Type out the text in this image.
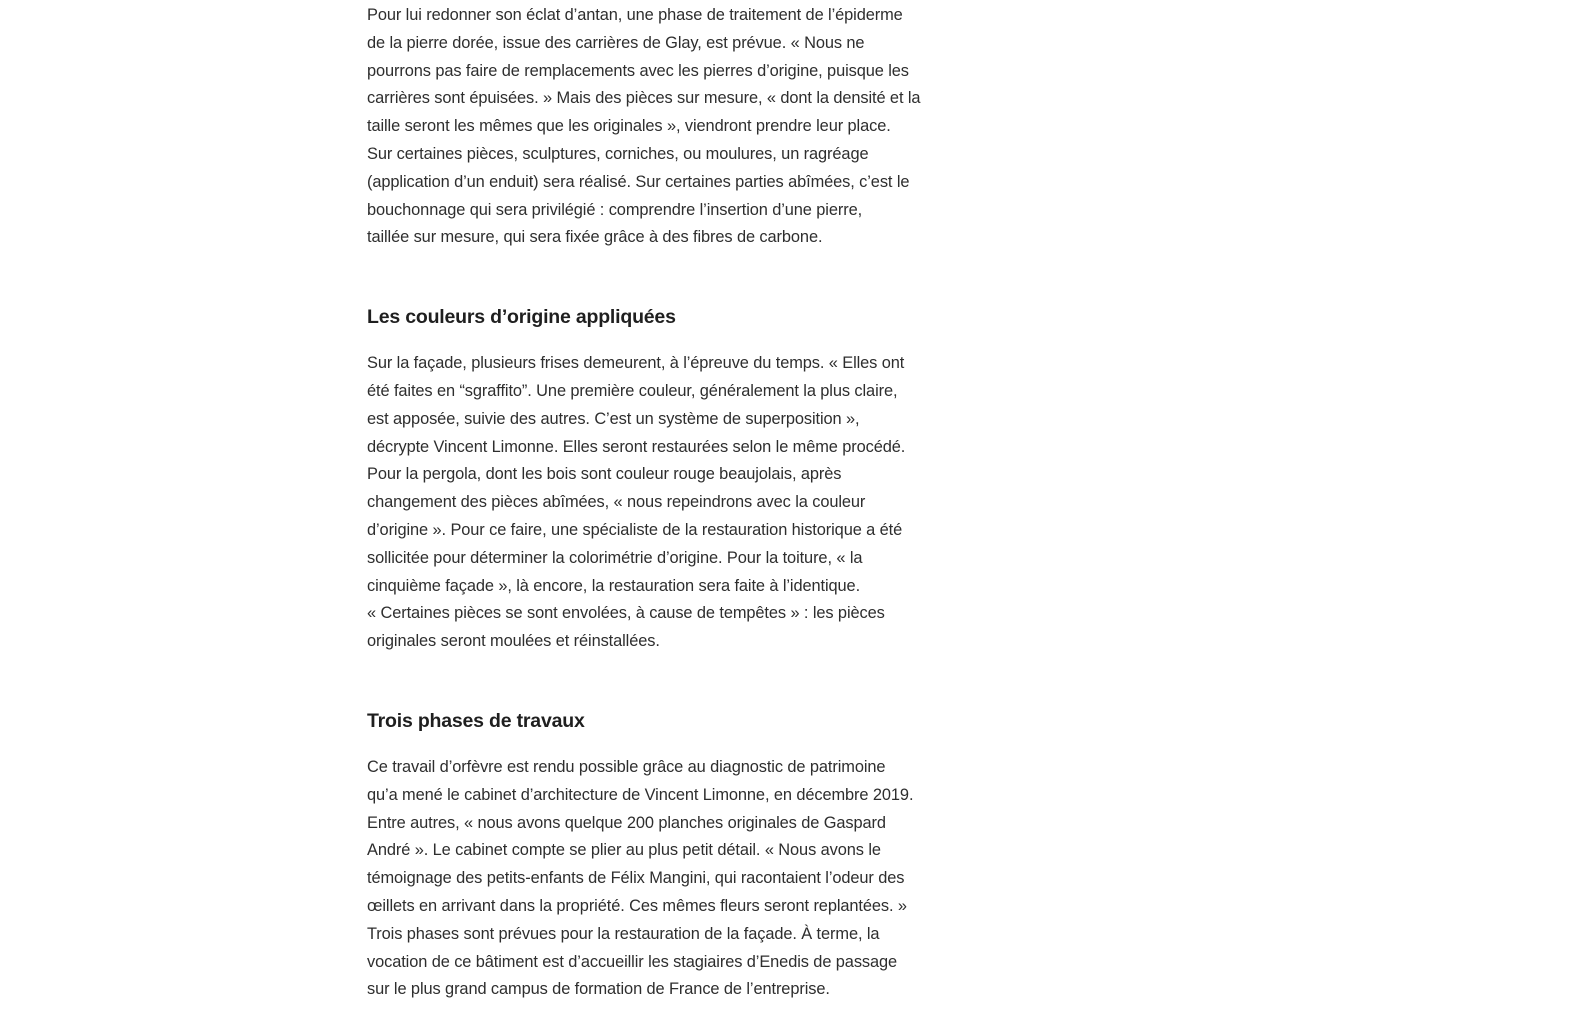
Pour lui redonner son éclat d’antan, une phase de traitement de l’épiderme
de la pierre dorée, issue des carrières de Glay, est prévue. « Nous ne
pourrons pas faire de remplacements avec les pierres d’origine, puisque les
carrières sont épuisées. » Mais des pièces sur mesure, « dont la densité et la
taille seront les mêmes que les originales », viendront prendre leur place.
Sur certaines pièces, sculptures, corniches, ou moulures, un ragréage
(application d’un enduit) sera réalisé. Sur certaines parties abîmées, c’est le
bouchonnage qui sera privilégié : comprendre l’insertion d’une pierre,
taillée sur mesure, qui sera fixée grâce à des fibres de carbone.

Les couleurs d’origine appliquées

Sur la façade, plusieurs frises demeurent, à l’épreuve du temps. « Elles ont
été faites en “sgraffito”. Une première couleur, généralement la plus claire,
est apposée, suivie des autres. C’est un système de superposition »,
décrypte Vincent Limonne. Elles seront restaurées selon le même procédé.
Pour la pergola, dont les bois sont couleur rouge beaujolais, après
changement des pièces abîmées, « nous repeindrons avec la couleur
d’origine ». Pour ce faire, une spécialiste de la restauration historique a été
sollicitée pour déterminer la colorimétrie d’origine. Pour la toiture, « la
cinquième façade », là encore, la restauration sera faite à l’identique.
« Certaines pièces se sont envolées, à cause de tempêtes » : les pièces
originales seront moulées et réinstallées.

Trois phases de travaux

Ce travail d’orfèvre est rendu possible grâce au diagnostic de patrimoine
qu’a mené le cabinet d’architecture de Vincent Limonne, en décembre 2019.
Entre autres, « nous avons quelque 200 planches originales de Gaspard
André ». Le cabinet compte se plier au plus petit détail. « Nous avons le
témoignage des petits-enfants de Félix Mangini, qui racontaient l’odeur des
œillets en arrivant dans la propriété. Ces mêmes fleurs seront replantées. »
Trois phases sont prévues pour la restauration de la façade. À terme, la
vocation de ce bâtiment est d’accueillir les stagiaires d’Enedis de passage
sur le plus grand campus de formation de France de l’entreprise.
